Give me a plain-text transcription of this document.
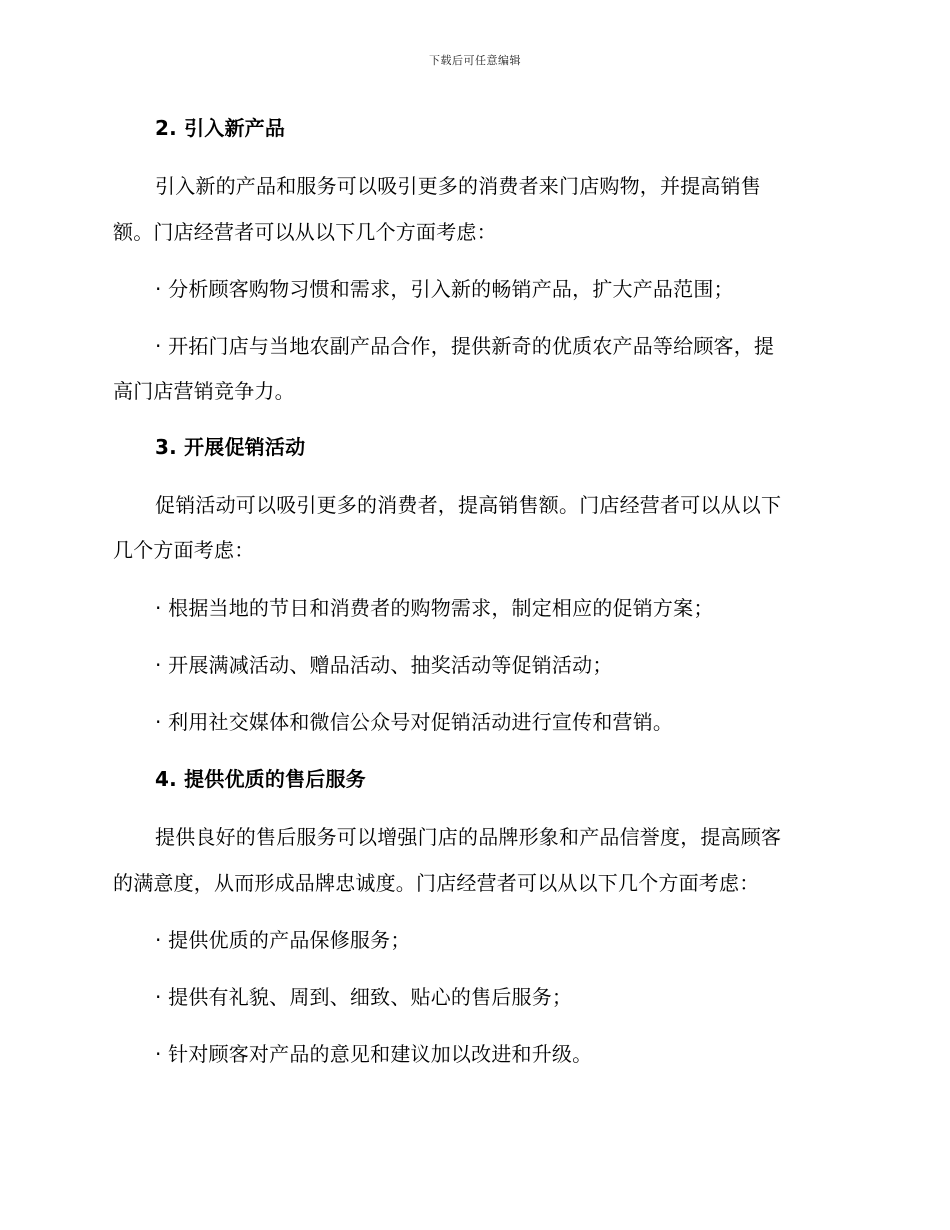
下载后可任意编辑
2. 引入新产品
引入新的产品和服务可以吸引更多的消费者来门店购物，并提高销售
额。门店经营者可以从以下几个方面考虑：
· 分析顾客购物习惯和需求，引入新的畅销产品，扩大产品范围；
· 开拓门店与当地农副产品合作，提供新奇的优质农产品等给顾客，提
高门店营销竞争力。
3. 开展促销活动
促销活动可以吸引更多的消费者，提高销售额。门店经营者可以从以下
几个方面考虑：
· 根据当地的节日和消费者的购物需求，制定相应的促销方案；
· 开展满减活动、赠品活动、抽奖活动等促销活动；
· 利用社交媒体和微信公众号对促销活动进行宣传和营销。
4. 提供优质的售后服务
提供良好的售后服务可以增强门店的品牌形象和产品信誉度，提高顾客
的满意度，从而形成品牌忠诚度。门店经营者可以从以下几个方面考虑：
· 提供优质的产品保修服务；
· 提供有礼貌、周到、细致、贴心的售后服务；
· 针对顾客对产品的意见和建议加以改进和升级。
